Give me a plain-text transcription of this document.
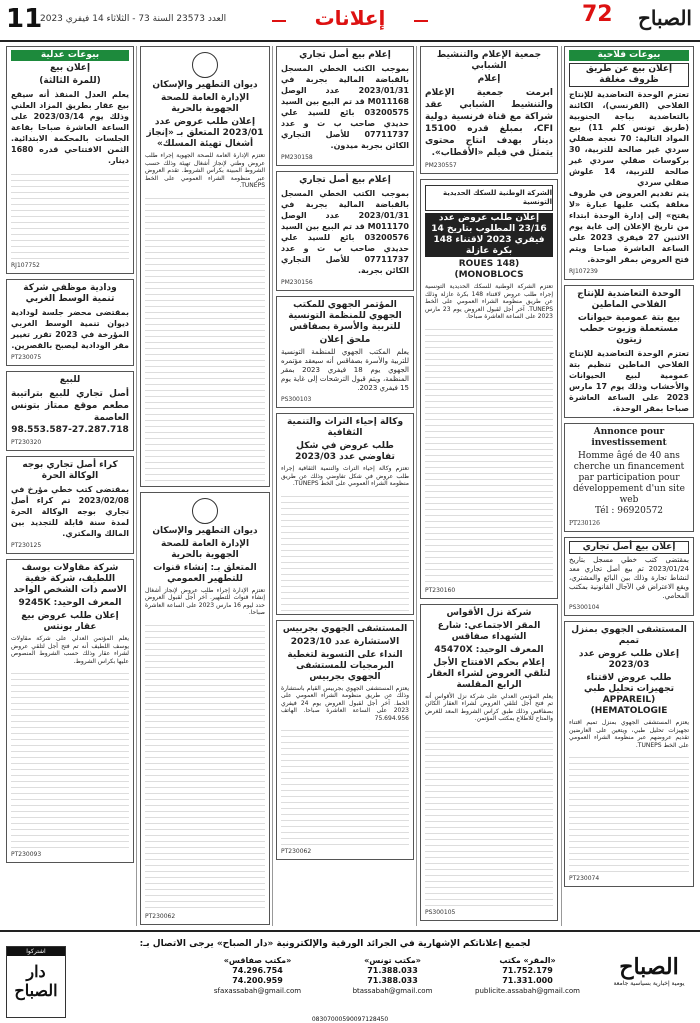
11
العدد 23573 السنة 73 - الثلاثاء 14 فيفري 2023	إعلانات	72 الصباح
بيوعات فلاحية
إعلان بيع عن طريق ظروف مغلقة
تعتزم الوحدة التعاضدية للإنتاج الفلاحي (الفرنسي)، الكائنة بالتعاضدية بباجة الجنوبية (طريق تونس كلم 11) بيع المواد التالية: 70 نعجة صقلي سردي غير صالحة للتربية، 30 بركوسات صقلي سردي غير صالحة للتربية، 14 علوش صقلي سردي
يتم تقديم العروض في ظروف مغلقة يكتب عليها عبارة «لا يفتح» إلى إدارة الوحدة ابتداء من تاريخ الإعلان إلى غاية يوم الاثنين 27 فيفري 2023 على الساعة العاشرة صباحا ويتم فتح العروض بمقر الوحدة.
RJ107239
الوحدة التعاضدية للإنتاج الفلاحي الماطين
بيع بتة عمومية حيوانات مستعملة وزيوت حطب زيتون
تعتزم الوحدة التعاضدية للإنتاج الفلاحي الماطين تنظيم بتة عمومية لبيع الحيوانات والأخشاب وذلك يوم 17 مارس 2023 على الساعة العاشرة صباحا بمقر الوحدة.
Annonce pour investissement
Homme âgé de 40 ans cherche un financement par participation pour développement d'un site web
Tél : 96920572
PT230126
إعلان بيع أصل تجاري
بمقتضى كتب خطي مسجل بتاريخ 2023/01/24 تم بيع أصل تجاري معد لنشاط تجارة وذلك بين البائع والمشتري، ويقع الاعتراض في الآجال القانونية بمكتب المحامي.
PS300104
المستشفى الجهوي بمنزل تميم
إعلان طلب عروض عدد 2023/03
طلب عروض لاقتناء تجهيزات تحليل طبي (APPAREIL HEMATOLOGIE)
يعتزم المستشفى الجهوي بمنزل تميم اقتناء تجهيزات تحليل طبي، ويتعين على العارضين تقديم عروضهم عبر منظومة الشراء العمومي على الخط TUNEPS.
PT230074
جمعية الإعلام والتنشيط الشبابي
إعلام
ابرمت جمعية الإعلام والتنشيط الشبابي عقد شراكة مع قناة فرنسية دولية CFI، بمبلغ قدره 15100 دينار بهدف انتاج محتوى يتمثل في فيلم «الأقطاب».
PM230557
الشركة الوطنية للسكك الحديدية التونسية
إعلان طلب عروض عدد 23/16 المطلوب بتاريخ 14 فيفري 2023 لاقتناء 148 بكرة عازلة
(148 ROUES MONOBLOCS)
تعتزم الشركة الوطنية للسكك الحديدية التونسية إجراء طلب عروض لاقتناء 148 بكرة عازلة وذلك عن طريق منظومة الشراء العمومي على الخط TUNEPS. آخر أجل لقبول العروض يوم 23 مارس 2023 على الساعة العاشرة صباحا.
PT230160
شركة نزل الأقواس
المقر الاجتماعي: شارع الشهداء صفاقس
المعرف الوحيد: 45470X
إعلام بحكم الافتتاح الأجل لتلقي العروض لشراء العقار الرابع المقلسة
يعلم المؤتمن العدلي على شركة نزل الأقواس أنه تم فتح أجل لتلقي العروض لشراء العقار الكائن بصفاقس وذلك طبق كراس الشروط المعد للغرض والمتاح للاطلاع بمكتب المؤتمن.
PS300105
إعلام بيع أصل تجاري
بموجب الكتب الخطي المسجل بالقباضة المالية بجربة في 2023/01/31 عدد الوصل M011168 قد تم البيع بين السيد 03200575 بائع للسيد علي حديدي صاحب ب ت و عدد 07711737 للأصل التجاري الكائن بجربة ميدون.
PM230158
إعلام بيع أصل تجاري
بموجب الكتب الخطي المسجل بالقباضة المالية بجربة في 2023/01/31 عدد الوصل M011170 قد تم البيع بين السيد 03200576 بائع للسيد علي حديدي صاحب ب ت و عدد 07711737 للأصل التجاري الكائن بجربة.
PM230156
المؤتمر الجهوي للمكتب الجهوي للمنظمة التونسية للتربية والأسرة بصفاقس
ملحق إعلان
يعلم المكتب الجهوي للمنظمة التونسية للتربية والأسرة بصفاقس أنه سيعقد مؤتمره الجهوي يوم 18 فيفري 2023 بمقر المنظمة، ويتم قبول الترشحات إلى غاية يوم 15 فيفري 2023.
PS300103
وكالة إحياء التراث والتنمية الثقافية
طلب عروض في شكل تفاوضي عدد 2023/03
تعتزم وكالة إحياء التراث والتنمية الثقافية إجراء طلب عروض في شكل تفاوضي وذلك عن طريق منظومة الشراء العمومي على الخط TUNEPS.
المستشفى الجهوي بجربيس
الاستشارة عدد 2023/10
النداء على التسوية لتغطية البرمجيات للمستشفى الجهوي بجربيس
يعتزم المستشفى الجهوي بجربيس القيام باستشارة وذلك عن طريق منظومة الشراء العمومي على الخط. آخر أجل لقبول العروض يوم 24 فيفري 2023 على الساعة العاشرة صباحا. الهاتف 75.694.956
PT230062
ديوان التطهير والإسكان
الإدارة العامة للصحة الجهوية بالحرية
إعلان طلب عروض عدد 2023/01 المتعلق بـ «إنجاز أشغال تهيئة المسلك»
تعتزم الإدارة العامة للصحة الجهوية إجراء طلب عروض وطني لإنجاز أشغال تهيئة وذلك حسب الشروط المبينة بكراس الشروط. تقدم العروض عبر منظومة الشراء العمومي على الخط TUNEPS.
ديوان التطهير والإسكان
الإدارة العامة للصحة الجهوية بالحرية
المتعلق بـ: إنشاء قنوات للتطهير العمومي
تعتزم الإدارة إجراء طلب عروض لإنجاز أشغال إنشاء قنوات للتطهير. آخر أجل لقبول العروض حدد ليوم 16 مارس 2023 على الساعة العاشرة صباحا.
PT230062
بيوعات عدلية
إعلان بيع
(للمرة الثالثة)
يعلم العدل المنفذ أنه سيقع بيع عقار بطريق المزاد العلني وذلك يوم 2023/03/14 على الساعة العاشرة صباحا بقاعة الجلسات بالمحكمة الابتدائية. الثمن الافتتاحي قدره 1680 دينار.
RJ107752
ودادية موظفي شركة تنمية الوسط الغربي
بمقتضى محضر جلسة لودادية ديوان تنمية الوسط الغربي المؤرخة في 2023 تقرر تغيير مقر الودادية ليصبح بالقصرين.
PT230075
للبيع
أصل تجاري للبيع بتراتيبة مطعم موقع ممتاز بتونس العاصمة
98.553.587-27.287.718
PT230320
كراء أصل تجاري بوجه الوكالة الحرة
بمقتضى كتب خطي مؤرخ في 2023/02/08 تم كراء أصل تجاري بوجه الوكالة الحرة لمدة سنة قابلة للتجديد بين المالك والمكتري.
PT230125
شركة مقاولات يوسف اللطيف، شركة خفية الاسم ذات الشخص الواحد
المعرف الوحيد: 9245K
إعلان طلب عروض بيع عقار بونتس
يعلم المؤتمن العدلي على شركة مقاولات يوسف اللطيف أنه تم فتح أجل لتلقي عروض لشراء عقار وذلك حسب الشروط المنصوص عليها بكراس الشروط.
PT230093
لجميع إعلاناتكم الإشهارية في الجرائد الورقية والإلكترونية «دار الصباح» يرجى الاتصال بـ:
الصباح
يومية إخبارية بسياسية جامعة
«المقر» مكتب
71.752.179
71.331.000
publicite.assabah@gmail.com
«مكتب تونس»
71.388.033
71.388.033
btassabah@gmail.com
«مكتب صفاقس»
74.296.754
74.200.959
sfaxassabah@gmail.com
08307000590097128450
اشتركوا
دار الصباح
